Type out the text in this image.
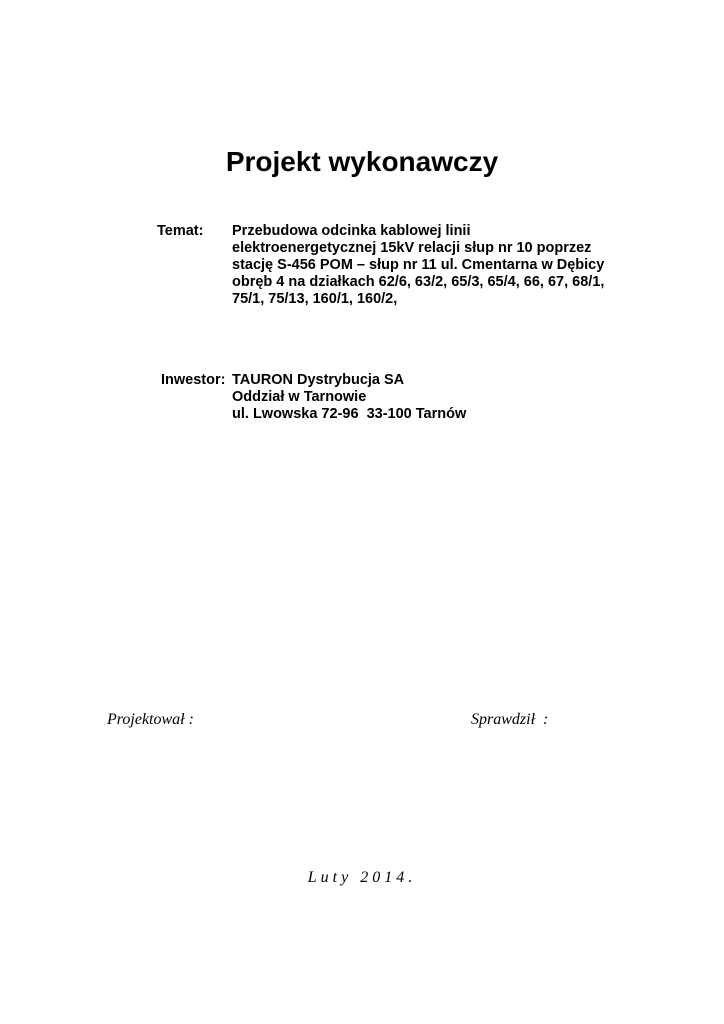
Projekt wykonawczy
Temat: Przebudowa odcinka kablowej linii
elektroenergetycznej 15kV relacji słup nr 10 poprzez
stację S-456 POM – słup nr 11 ul. Cmentarna w Dębicy
obręb 4 na działkach 62/6, 63/2, 65/3, 65/4, 66, 67, 68/1,
75/1, 75/13, 160/1, 160/2,
Inwestor: TAURON Dystrybucja SA
Oddział w Tarnowie
ul. Lwowska 72-96  33-100 Tarnów
Projektował :	Sprawdził  :
Luty 2014.
